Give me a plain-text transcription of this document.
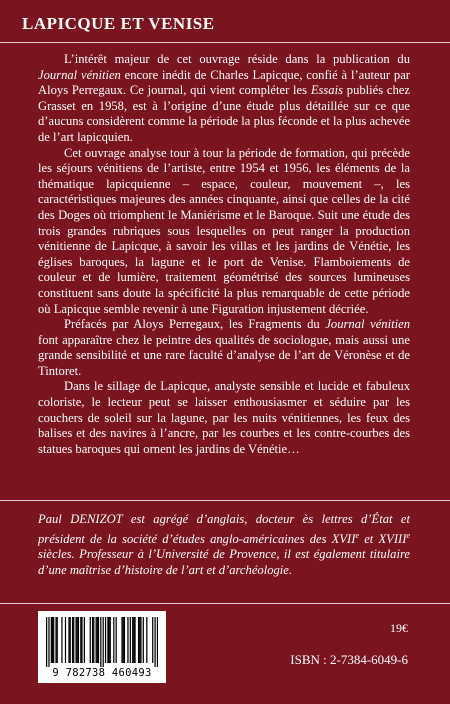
LAPICQUE ET VENISE

L’intérêt majeur de cet ouvrage réside dans la publication du Journal vénitien encore inédit de Charles Lapicque, confié à l’auteur par Aloys Perregaux. Ce journal, qui vient compléter les Essais publiés chez Grasset en 1958, est à l’origine d’une étude plus détaillée sur ce que d’aucuns considèrent comme la période la plus féconde et la plus achevée de l’art lapicquien.

Cet ouvrage analyse tour à tour la période de formation, qui précède les séjours vénitiens de l’artiste, entre 1954 et 1956, les éléments de la thématique lapicquienne – espace, couleur, mouvement –, les caractéristiques majeures des années cinquante, ainsi que celles de la cité des Doges où triomphent le Maniérisme et le Baroque. Suit une étude des trois grandes rubriques sous lesquelles on peut ranger la production vénitienne de Lapicque, à savoir les villas et les jardins de Vénétie, les églises baroques, la lagune et le port de Venise. Flamboiements de couleur et de lumière, traitement géométrisé des sources lumineuses constituent sans doute la spécificité la plus remarquable de cette période où Lapicque semble revenir à une Figuration injustement décriée.

Préfacés par Aloys Perregaux, les Fragments du Journal vénitien font apparaître chez le peintre des qualités de sociologue, mais aussi une grande sensibilité et une rare faculté d’analyse de l’art de Véronèse et de Tintoret.

Dans le sillage de Lapicque, analyste sensible et lucide et fabuleux coloriste, le lecteur peut se laisser enthousiasmer et séduire par les couchers de soleil sur la lagune, par les nuits vénitiennes, les feux des balises et des navires à l’ancre, par les courbes et les contre-courbes des statues baroques qui ornent les jardins de Vénétie…

Paul DENIZOT est agrégé d’anglais, docteur ès lettres d’État et président de la société d’études anglo-américaines des XVIIe et XVIIIe siècles. Professeur à l’Université de Provence, il est également titulaire d’une maîtrise d’histoire de l’art et d’archéologie.

9 782738 460493

19€

ISBN : 2-7384-6049-6
